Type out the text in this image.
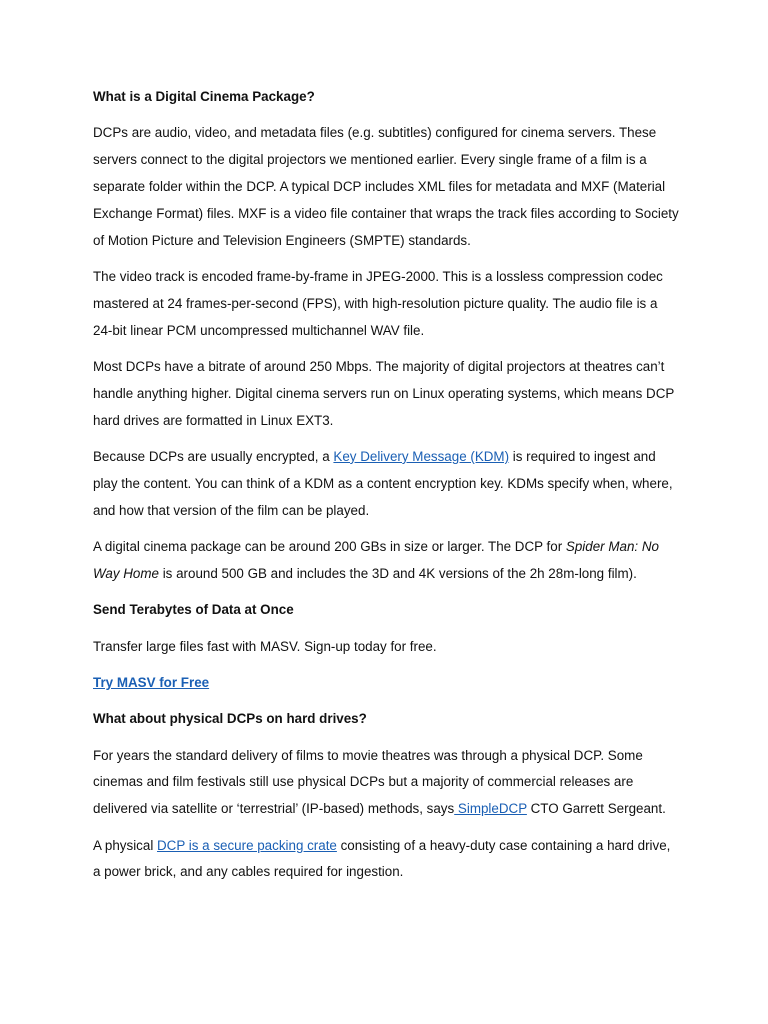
What is a Digital Cinema Package?

DCPs are audio, video, and metadata files (e.g. subtitles) configured for cinema servers. These servers connect to the digital projectors we mentioned earlier. Every single frame of a film is a separate folder within the DCP. A typical DCP includes XML files for metadata and MXF (Material Exchange Format) files. MXF is a video file container that wraps the track files according to Society of Motion Picture and Television Engineers (SMPTE) standards.

The video track is encoded frame-by-frame in JPEG-2000. This is a lossless compression codec mastered at 24 frames-per-second (FPS), with high-resolution picture quality. The audio file is a 24-bit linear PCM uncompressed multichannel WAV file.

Most DCPs have a bitrate of around 250 Mbps. The majority of digital projectors at theatres can’t handle anything higher. Digital cinema servers run on Linux operating systems, which means DCP hard drives are formatted in Linux EXT3.

Because DCPs are usually encrypted, a Key Delivery Message (KDM) is required to ingest and play the content. You can think of a KDM as a content encryption key. KDMs specify when, where, and how that version of the film can be played.

A digital cinema package can be around 200 GBs in size or larger. The DCP for Spider Man: No Way Home is around 500 GB and includes the 3D and 4K versions of the 2h 28m-long film).

Send Terabytes of Data at Once

Transfer large files fast with MASV. Sign-up today for free.

Try MASV for Free

What about physical DCPs on hard drives?

For years the standard delivery of films to movie theatres was through a physical DCP. Some cinemas and film festivals still use physical DCPs but a majority of commercial releases are delivered via satellite or ‘terrestrial’ (IP-based) methods, says SimpleDCP CTO Garrett Sergeant.

A physical DCP is a secure packing crate consisting of a heavy-duty case containing a hard drive, a power brick, and any cables required for ingestion.
